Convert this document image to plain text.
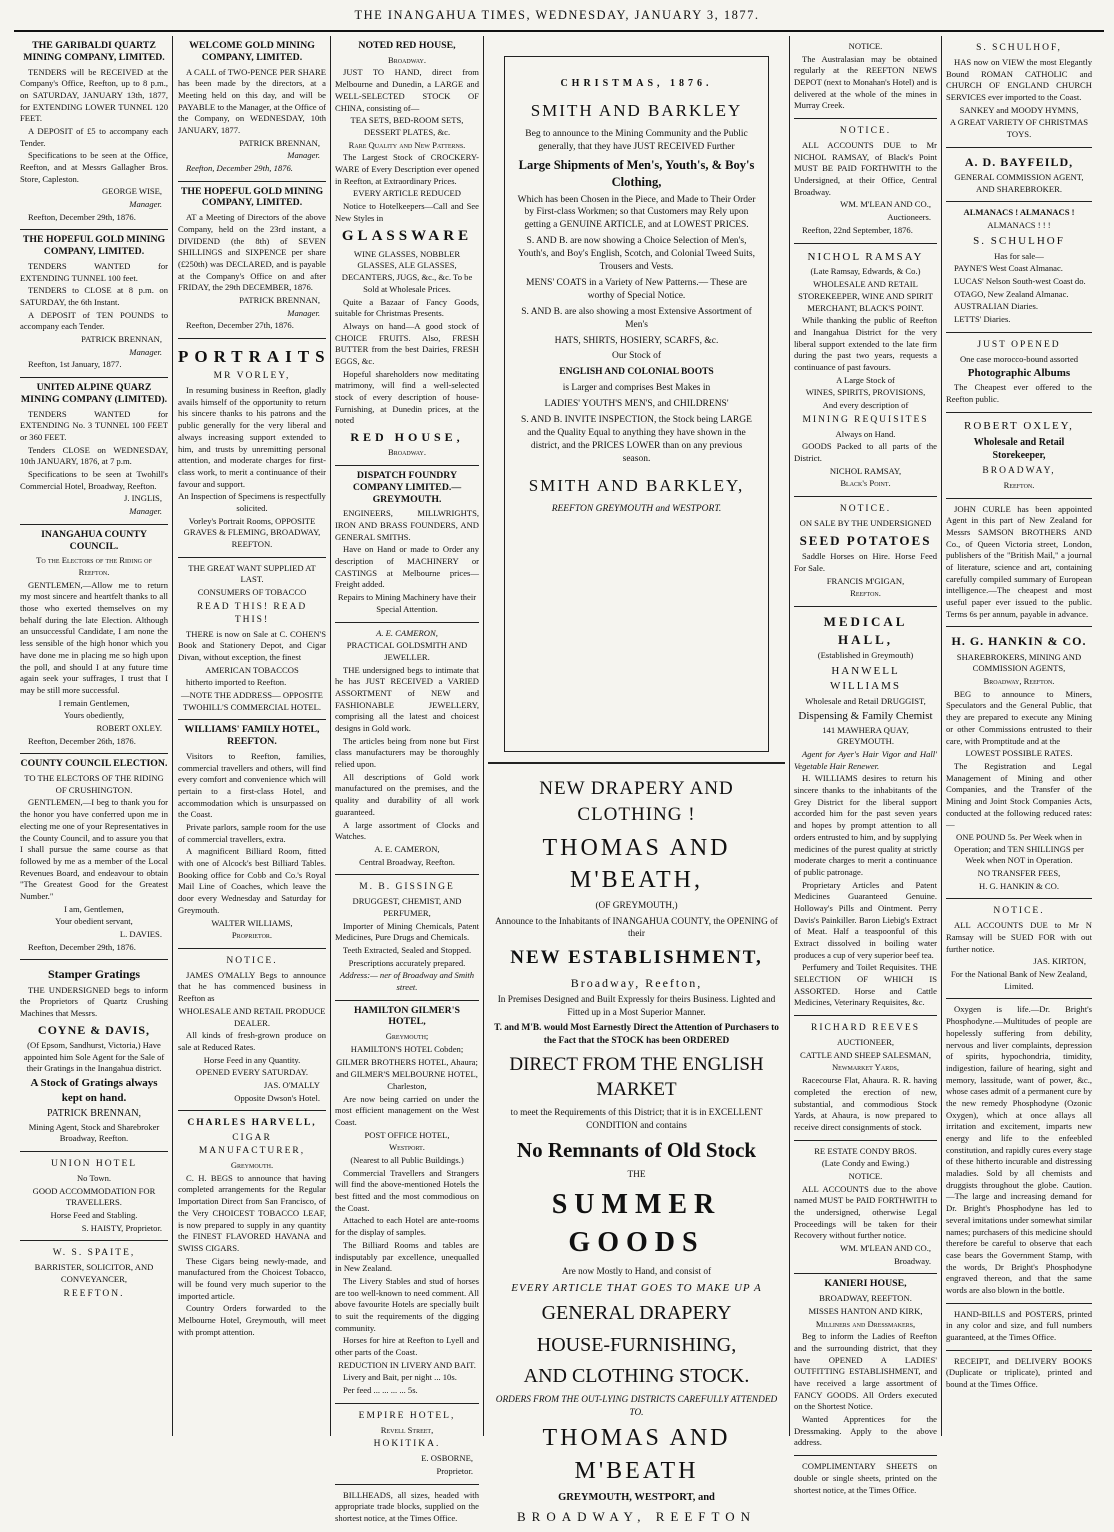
THE INANGAHUA TIMES, WEDNESDAY, JANUARY 3, 1877.
THE GARIBALDI QUARTZ MINING COMPANY, LIMITED.
TENDERS will be RECEIVED at the Company's Office, Reefton, up to 8 p.m., on SATURDAY, JANUARY 13th, 1877, for EXTENDING LOWER TUNNEL 120 FEET.
A DEPOSIT of £5 to accompany each Tender.
Specifications to be seen at the Office, Reefton, and at Messrs Gallagher Bros. Store, Capleston.
GEORGE WISE,
Manager.
Reefton, December 29th, 1876.
THE HOPEFUL GOLD MINING COMPANY, LIMITED.
TENDERS WANTED for EXTENDING TUNNEL 100 feet.
TENDERS to CLOSE at 8 p.m. on SATURDAY, the 6th Instant.
A DEPOSIT of TEN POUNDS to accompany each Tender.
PATRICK BRENNAN,
Manager.
Reefton, 1st January, 1877.
UNITED ALPINE QUARZ MINING COMPANY (LIMITED).
TENDERS WANTED for EXTENDING No. 3 TUNNEL 100 FEET or 360 FEET.
Tenders CLOSE on WEDNESDAY, 10th JANUARY, 1876, at 7 p.m.
Specifications to be seen at Twohill's Commercial Hotel, Broadway, Reefton.
J. INGLIS,
Manager.
INANGAHUA COUNTY COUNCIL.
To the Electors of the Riding of Reefton.
GENTLEMEN,—Allow me to return my most sincere and heartfelt thanks to all those who exerted themselves on my behalf during the late Election. Although an unsuccessful Candidate, I am none the less sensible of the high honor which you have done me in placing me so high upon the poll, and should I at any future time again seek your suffrages, I trust that I may be still more successful.
I remain Gentlemen,
Yours obediently,
ROBERT OXLEY.
Reefton, December 26th, 1876.
COUNTY COUNCIL ELECTION.
TO THE ELECTORS OF THE RIDING OF CRUSHINGTON.
GENTLEMEN,—I beg to thank you for the honor you have conferred upon me in electing me one of your Representatives in the County Council, and to assure you that I shall pursue the same course as that followed by me as a member of the Local Revenues Board, and endeavour to obtain "The Greatest Good for the Greatest Number."
I am, Gentlemen,
Your obedient servant,
L. DAVIES.
Reefton, December 29th, 1876.
Stamper Gratings
THE UNDERSIGNED begs to inform the Proprietors of Quartz Crushing Machines that Messrs.
COYNE & DAVIS,
(Of Epsom, Sandhurst, Victoria,) Have appointed him Sole Agent for the Sale of their Gratings in the Inangahua district.
A Stock of Gratings always kept on hand.
PATRICK BRENNAN,
Mining Agent, Stock and Sharebroker Broadway, Reefton.
UNION HOTEL
No Town.
GOOD ACCOMMODATION FOR TRAVELLERS.
Horse Feed and Stabling.
S. HAISTY, Proprietor.
W. S. SPAITE,
BARRISTER, SOLICITOR, AND CONVEYANCER,
REEFTON.
WELCOME GOLD MINING COMPANY, LIMITED.
A CALL of TWO-PENCE PER SHARE has been made by the directors, at a Meeting held on this day, and will be PAYABLE to the Manager, at the Office of the Company, on WEDNESDAY, 10th JANUARY, 1877.
PATRICK BRENNAN,
Manager.
Reefton, December 29th, 1876.
THE HOPEFUL GOLD MINING COMPANY, LIMITED.
AT a Meeting of Directors of the above Company, held on the 23rd instant, a DIVIDEND (the 8th) of SEVEN SHILLINGS and SIXPENCE per share (£250th) was DECLARED, and is payable at the Company's Office on and after FRIDAY, the 29th DECEMBER, 1876.
PATRICK BRENNAN,
Manager.
Reefton, December 27th, 1876.
PORTRAITS
MR VORLEY,
In resuming business in Reefton, gladly avails himself of the opportunity to return his sincere thanks to his patrons and the public generally for the very liberal and always increasing support extended to him, and trusts by unremitting personal attention, and moderate charges for first-class work, to merit a continuance of their favour and support.
An Inspection of Specimens is respectfully solicited.
Vorley's Portrait Rooms, OPPOSITE GRAVES & FLEMING, BROADWAY, REEFTON.
THE GREAT WANT SUPPLIED AT LAST.
CONSUMERS OF TOBACCO
READ THIS! READ THIS!
THERE is now on Sale at C. COHEN'S Book and Stationery Depot, and Cigar Divan, without exception, the finest
AMERICAN TOBACCOS
hitherto imported to Reefton.
—NOTE THE ADDRESS— OPPOSITE TWOHILL'S COMMERCIAL HOTEL.
WILLIAMS' FAMILY HOTEL, REEFTON.
Visitors to Reefton, families, commercial travellers and others, will find every comfort and convenience which will pertain to a first-class Hotel, and accommodation which is unsurpassed on the Coast.
Private parlors, sample room for the use of commercial travellers, extra.
A magnificent Billiard Room, fitted with one of Alcock's best Billiard Tables. Booking office for Cobb and Co.'s Royal Mail Line of Coaches, which leave the door every Wednesday and Saturday for Greymouth.
WALTER WILLIAMS,
Proprietor.
NOTICE.
JAMES O'MALLY Begs to announce that he has commenced business in Reefton as
WHOLESALE AND RETAIL PRODUCE DEALER.
All kinds of fresh-grown produce on sale at Reduced Rates.
Horse Feed in any Quantity.
OPENED EVERY SATURDAY.
JAS. O'MALLY
Opposite Dwson's Hotel.
CHARLES HARVELL,
CIGAR MANUFACTURER,
Greymouth.
C. H. BEGS to announce that having completed arrangements for the Regular Importation Direct from San Francisco, of the Very CHOICEST TOBACCO LEAF, is now prepared to supply in any quantity the FINEST FLAVORED HAVANA and SWISS CIGARS.
These Cigars being newly-made, and manufactured from the Choicest Tobacco, will be found very much superior to the imported article.
Country Orders forwarded to the Melbourne Hotel, Greymouth, will meet with prompt attention.
NOTED RED HOUSE,
Broadway.
JUST TO HAND, direct from Melbourne and Dunedin, a LARGE and WELL-SELECTED STOCK OF CHINA, consisting of—
TEA SETS, BED-ROOM SETS, DESSERT PLATES, &c.
Rare Quality and New Patterns.
The Largest Stock of CROCKERY-WARE of Every Description ever opened in Reefton, at Extraordinary Prices.
EVERY ARTICLE REDUCED
Notice to Hotelkeepers—Call and See New Styles in
GLASSWARE
WINE GLASSES, NOBBLER GLASSES, ALE GLASSES, DECANTERS, JUGS, &c., &c. To be Sold at Wholesale Prices.
Quite a Bazaar of Fancy Goods, suitable for Christmas Presents.
Always on hand—A good stock of CHOICE FRUITS. Also, FRESH BUTTER from the best Dairies, FRESH EGGS, &c.
Hopeful shareholders now meditating matrimony, will find a well-selected stock of every description of house-Furnishing, at Dunedin prices, at the noted
RED HOUSE,
Broadway.
DISPATCH FOUNDRY COMPANY LIMITED.—GREYMOUTH.
ENGINEERS, MILLWRIGHTS, IRON AND BRASS FOUNDERS, AND GENERAL SMITHS.
Have on Hand or made to Order any description of MACHINERY or CASTINGS at Melbourne prices—Freight added.
Repairs to Mining Machinery have their Special Attention.
A. E. CAMERON,
PRACTICAL GOLDSMITH AND JEWELLER.
THE undersigned begs to intimate that he has JUST RECEIVED a VARIED ASSORTMENT of NEW and FASHIONABLE JEWELLERY, comprising all the latest and choicest designs in Gold work.
The articles being from none but First class manufacturers may be thoroughly relied upon.
All descriptions of Gold work manufactured on the premises, and the quality and durability of all work guaranteed.
A large assortment of Clocks and Watches.
A. E. CAMERON,
Central Broadway, Reefton.
M. B. GISSINGE
DRUGGEST, CHEMIST, AND PERFUMER,
Importer of Mining Chemicals, Patent Medicines, Pure Drugs and Chemicals.
Teeth Extracted, Sealed and Stopped.
Prescriptions accurately prepared.
Address:— ner of Broadway and Smith street.
HAMILTON GILMER'S HOTEL,
Greymouth;
HAMILTON'S HOTEL Cobden;
GILMER BROTHERS HOTEL, Ahaura;
and GILMER'S MELBOURNE HOTEL, Charleston,
Are now being carried on under the most efficient management on the West Coast.
POST OFFICE HOTEL,
Westport.
(Nearest to all Public Buildings.)
Commercial Travellers and Strangers will find the above-mentioned Hotels the best fitted and the most commodious on the Coast.
Attached to each Hotel are ante-rooms for the display of samples.
The Billiard Rooms and tables are indisputably par excellence, unequalled in New Zealand.
The Livery Stables and stud of horses are too well-known to need comment. All above favourite Hotels are specially built to suit the requirements of the digging community.
Horses for hire at Reefton to Lyell and other parts of the Coast.
REDUCTION IN LIVERY AND BAIT.
Livery and Bait, per night ... 10s.
Per feed ... ... ... ... 5s.
EMPIRE HOTEL,
Revell Street,
HOKITIKA.
E. OSBORNE,
Proprietor.
BILLHEADS, all sizes, headed with appropriate trade blocks, supplied on the shortest notice, at the Times Office.
CHRISTMAS, 1876.
SMITH AND BARKLEY
Beg to announce to the Mining Community and the Public generally, that they have JUST RECEIVED Further
Large Shipments of Men's, Youth's, & Boy's Clothing,
Which has been Chosen in the Piece, and Made to Their Order by First-class Workmen; so that Customers may Rely upon getting a GENUINE ARTICLE, and at LOWEST PRICES.
S. AND B. are now showing a Choice Selection of Men's, Youth's, and Boy's English, Scotch, and Colonial Tweed Suits, Trousers and Vests.
MENS' COATS in a Variety of New Patterns.— These are worthy of Special Notice.
S. AND B. are also showing a most Extensive Assortment of Men's
HATS, SHIRTS, HOSIERY, SCARFS, &c.
Our Stock of
ENGLISH AND COLONIAL BOOTS
is Larger and comprises Best Makes in
LADIES' YOUTH'S MEN'S, and CHILDRENS'
S. AND B. INVITE INSPECTION, the Stock being LARGE and the Quality Equal to anything they have shown in the district, and the PRICES LOWER than on any previous season.
SMITH AND BARKLEY,
REEFTON GREYMOUTH and WESTPORT.
NEW DRAPERY AND CLOTHING !
THOMAS AND M'BEATH,
(OF GREYMOUTH,)
Announce to the Inhabitants of INANGAHUA COUNTY, the OPENING of their
NEW ESTABLISHMENT,
Broadway, Reefton,
In Premises Designed and Built Expressly for theirs Business. Lighted and Fitted up in a Most Superior Manner.
T. and M'B. would Most Earnestly Direct the Attention of Purchasers to the Fact that the STOCK has been ORDERED
DIRECT FROM THE ENGLISH MARKET
to meet the Requirements of this District; that it is in EXCELLENT CONDITION and contains
No Remnants of Old Stock
THE
SUMMER GOODS
Are now Mostly to Hand, and consist of
EVERY ARTICLE THAT GOES TO MAKE UP A
GENERAL DRAPERY
HOUSE-FURNISHING,
AND CLOTHING STOCK.
ORDERS FROM THE OUT-LYING DISTRICTS CAREFULLY ATTENDED TO.
THOMAS AND M'BEATH
GREYMOUTH, WESTPORT, and
BROADWAY, REEFTON
NOTICE.
The Australasian may be obtained regularly at the REEFTON NEWS DEPOT (next to Monahan's Hotel) and is delivered at the whole of the mines in Murray Creek.
NOTICE.
ALL ACCOUNTS DUE to Mr NICHOL RAMSAY, of Black's Point MUST BE PAID FORTHWITH to the Undersigned, at their Office, Central Broadway.
WM. M'LEAN AND CO.,
Auctioneers.
Reefton, 22nd September, 1876.
NICHOL RAMSAY
(Late Ramsay, Edwards, & Co.)
WHOLESALE AND RETAIL STOREKEEPER, WINE AND SPIRIT MERCHANT, BLACK'S POINT.
While thanking the public of Reefton and Inangahua District for the very liberal support extended to the late firm during the past two years, requests a continuance of past favours.
A Large Stock of
WINES, SPIRITS, PROVISIONS,
And every description of
MINING REQUISITES
Always on Hand.
GOODS Packed to all parts of the District.
NICHOL RAMSAY,
Black's Point.
NOTICE.
ON SALE BY THE UNDERSIGNED
SEED POTATOES
Saddle Horses on Hire. Horse Feed For Sale.
FRANCIS M'GIGAN,
Reefton.
MEDICAL HALL,
(Established in Greymouth)
HANWELL WILLIAMS
Wholesale and Retail DRUGGIST,
Dispensing & Family Chemist
141 MAWHERA QUAY, GREYMOUTH.
Agent for Ayer's Hair Vigor and Hall' Vegetable Hair Renewer.
H. WILLIAMS desires to return his sincere thanks to the inhabitants of the Grey District for the liberal support accorded him for the past seven years and hopes by prompt attention to all orders entrusted to him, and by supplying medicines of the purest quality at strictly moderate charges to merit a continuance of public patronage.
Proprietary Articles and Patent Medicines Guaranteed Genuine. Holloway's Pills and Ointment. Perry Davis's Painkiller. Baron Liebig's Extract of Meat. Half a teaspoonful of this Extract dissolved in boiling water produces a cup of very superior beef tea.
Perfumery and Toilet Requisites. THE SELECTION OF WHICH IS ASSORTED. Horse and Cattle Medicines, Veterinary Requisites, &c.
RICHARD REEVES
AUCTIONEER,
CATTLE AND SHEEP SALESMAN,
Newmarket Yards,
Racecourse Flat, Ahaura. R. R. having completed the erection of new, substantial, and commodious Stock Yards, at Ahaura, is now prepared to receive direct consignments of stock.
RE ESTATE CONDY BROS.
(Late Condy and Ewing.)
NOTICE.
ALL ACCOUNTS due to the above named MUST be PAID FORTHWITH to the undersigned, otherwise Legal Proceedings will be taken for their Recovery without further notice.
WM. M'LEAN AND CO.,
Broadway.
KANIERI HOUSE,
BROADWAY, REEFTON.
MISSES HANTON AND KIRK,
Milliners and Dressmakers,
Beg to inform the Ladies of Reefton and the surrounding district, that they have OPENED A LADIES' OUTFITTING ESTABLISHMENT, and have received a large assortment of FANCY GOODS. All Orders executed on the Shortest Notice.
Wanted Apprentices for the Dressmaking. Apply to the above address.
COMPLIMENTARY SHEETS on double or single sheets, printed on the shortest notice, at the Times Office.
S. SCHULHOF,
HAS now on VIEW the most Elegantly Bound ROMAN CATHOLIC and CHURCH OF ENGLAND CHURCH SERVICES ever imported to the Coast.
SANKEY and MOODY HYMNS,
A GREAT VARIETY OF CHRISTMAS TOYS.
A. D. BAYFEILD,
GENERAL COMMISSION AGENT, AND SHAREBROKER.
ALMANACS ! ALMANACS !
ALMANACS ! ! !
S. SCHULHOF
Has for sale—
PAYNE'S West Coast Almanac.
LUCAS' Nelson South-west Coast do.
OTAGO, New Zealand Almanac.
AUSTRALIAN Diaries.
LETTS' Diaries.
JUST OPENED
One case morocco-bound assorted
Photographic Albums
The Cheapest ever offered to the Reefton public.
ROBERT OXLEY,
Wholesale and Retail Storekeeper,
BROADWAY,
Reefton.
JOHN CURLE has been appointed Agent in this part of New Zealand for Messrs SAMSON BROTHERS AND Co., of Queen Victoria street, London, publishers of the "British Mail," a journal of literature, science and art, containing carefully compiled summary of European intelligence.—The cheapest and most useful paper ever issued to the public. Terms 6s per annum, payable in advance.
H. G. HANKIN & CO.
SHAREBROKERS, MINING AND COMMISSION AGENTS,
Broadway, Reefton.
BEG to announce to Miners, Speculators and the General Public, that they are prepared to execute any Mining or other Commissions entrusted to their care, with Promptitude and at the
LOWEST POSSIBLE RATES.
The Registration and Legal Management of Mining and other Companies, and the Transfer of the Mining and Joint Stock Companies Acts, conducted at the following reduced rates:—
ONE POUND 5s. Per Week when in Operation; and TEN SHILLINGS per Week when NOT in Operation.
NO TRANSFER FEES,
H. G. HANKIN & CO.
NOTICE.
ALL ACCOUNTS DUE to Mr N Ramsay will be SUED FOR with out further notice.
JAS. KIRTON,
For the National Bank of New Zealand, Limited.
Oxygen is life.—Dr. Bright's Phosphodyne.—Multitudes of people are hopelessly suffering from debility, nervous and liver complaints, depression of spirits, hypochondria, timidity, indigestion, failure of hearing, sight and memory, lassitude, want of power, &c., whose cases admit of a permanent cure by the new remedy Phosphodyne (Ozonic Oxygen), which at once allays all irritation and excitement, imparts new energy and life to the enfeebled constitution, and rapidly cures every stage of these hitherto incurable and distressing maladies. Sold by all chemists and druggists throughout the globe. Caution.—The large and increasing demand for Dr. Bright's Phosphodyne has led to several imitations under somewhat similar names; purchasers of this medicine should therefore be careful to observe that each case bears the Government Stamp, with the words, Dr Bright's Phosphodyne engraved thereon, and that the same words are also blown in the bottle.
HAND-BILLS and POSTERS, printed in any color and size, and full numbers guaranteed, at the Times Office.
RECEIPT, and DELIVERY BOOKS (Duplicate or triplicate), printed and bound at the Times Office.
